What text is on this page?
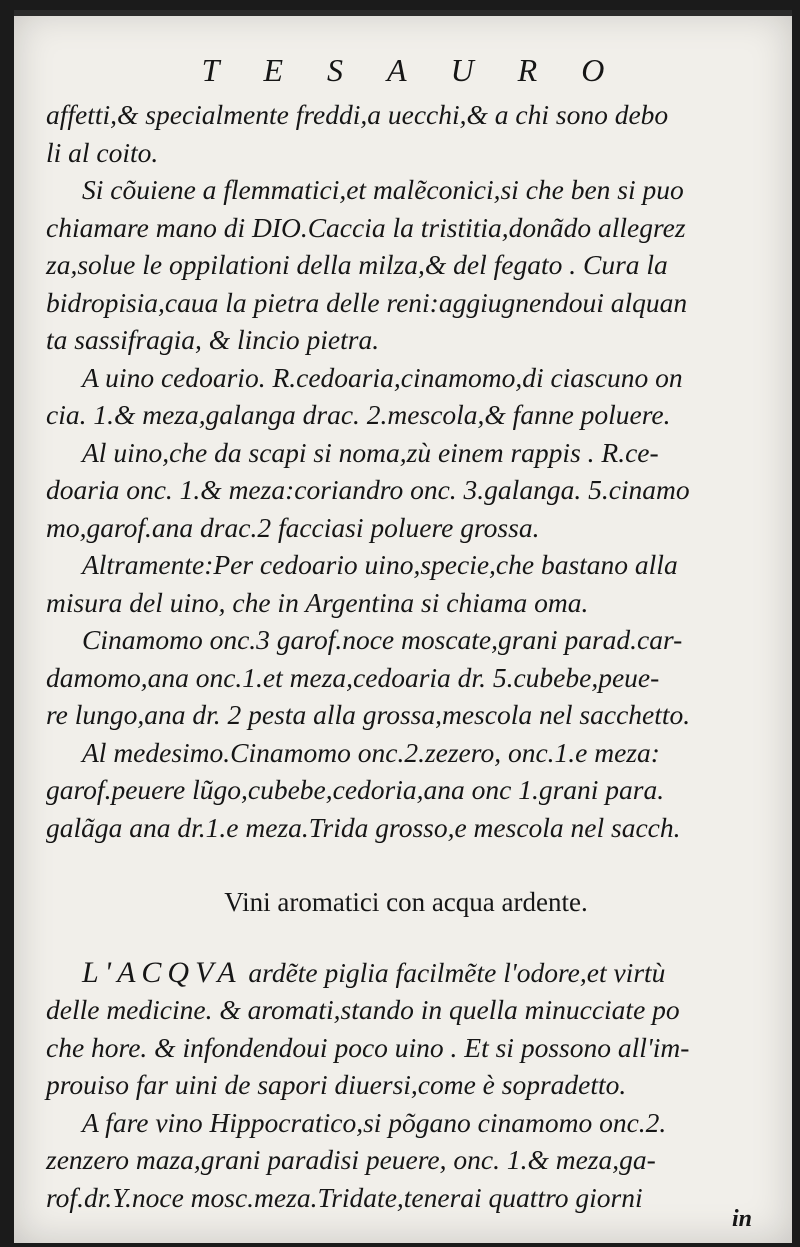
TESAURO
affetti,& specialmente freddi,a uecchi,& a chi sono debo
li al coito.
Si cõuiene a flemmatici,et malẽconici,si che ben si puo
chiamare mano di DIO.Caccia la tristitia,donãdo allegrez
za,solue le oppilationi della milza,& del fegato . Cura la
bidropisia,caua la pietra delle reni:aggiugnendoui alquan
ta sassifragia, & lincio pietra.
A uino cedoario. R.cedoaria,cinamomo,di ciascuno on
cia. 1.& meza,galanga drac. 2.mescola,& fanne poluere.
Al uino,che da scapi si noma,zù einem rappis . R.ce-
doaria onc. 1.& meza:coriandro onc. 3.galanga. 5.cinamo
mo,garof.ana drac.2 facciasi poluere grossa.
Altramente:Per cedoario uino,specie,che bastano alla
misura del uino, che in Argentina si chiama oma.
Cinamomo onc.3 garof.noce moscate,grani parad.car-
damomo,ana onc.1.et meza,cedoaria dr. 5.cubebe,peue-
re lungo,ana dr. 2 pesta alla grossa,mescola nel sacchetto.
Al medesimo.Cinamomo onc.2.zezero, onc.1.e meza:
garof.peuere lũgo,cubebe,cedoria,ana onc 1.grani para.
galãga ana dr.1.e meza.Trida grosso,e mescola nel sacch.
Vini aromatici con acqua ardente.
L'ACQVA ardẽte piglia facilmẽte l'odore,et virtù
delle medicine. & aromati,stando in quella minucciate po
che hore. & infondendoui poco uino . Et si possono all'im-
prouiso far uini de sapori diuersi,come è sopradetto.
A fare vino Hippocratico,si põgano cinamomo onc.2.
zenzero maza,grani paradisi peuere, onc. 1.& meza,ga-
rof.dr.Y.noce mosc.meza.Tridate,tenerai quattro giorni
in
